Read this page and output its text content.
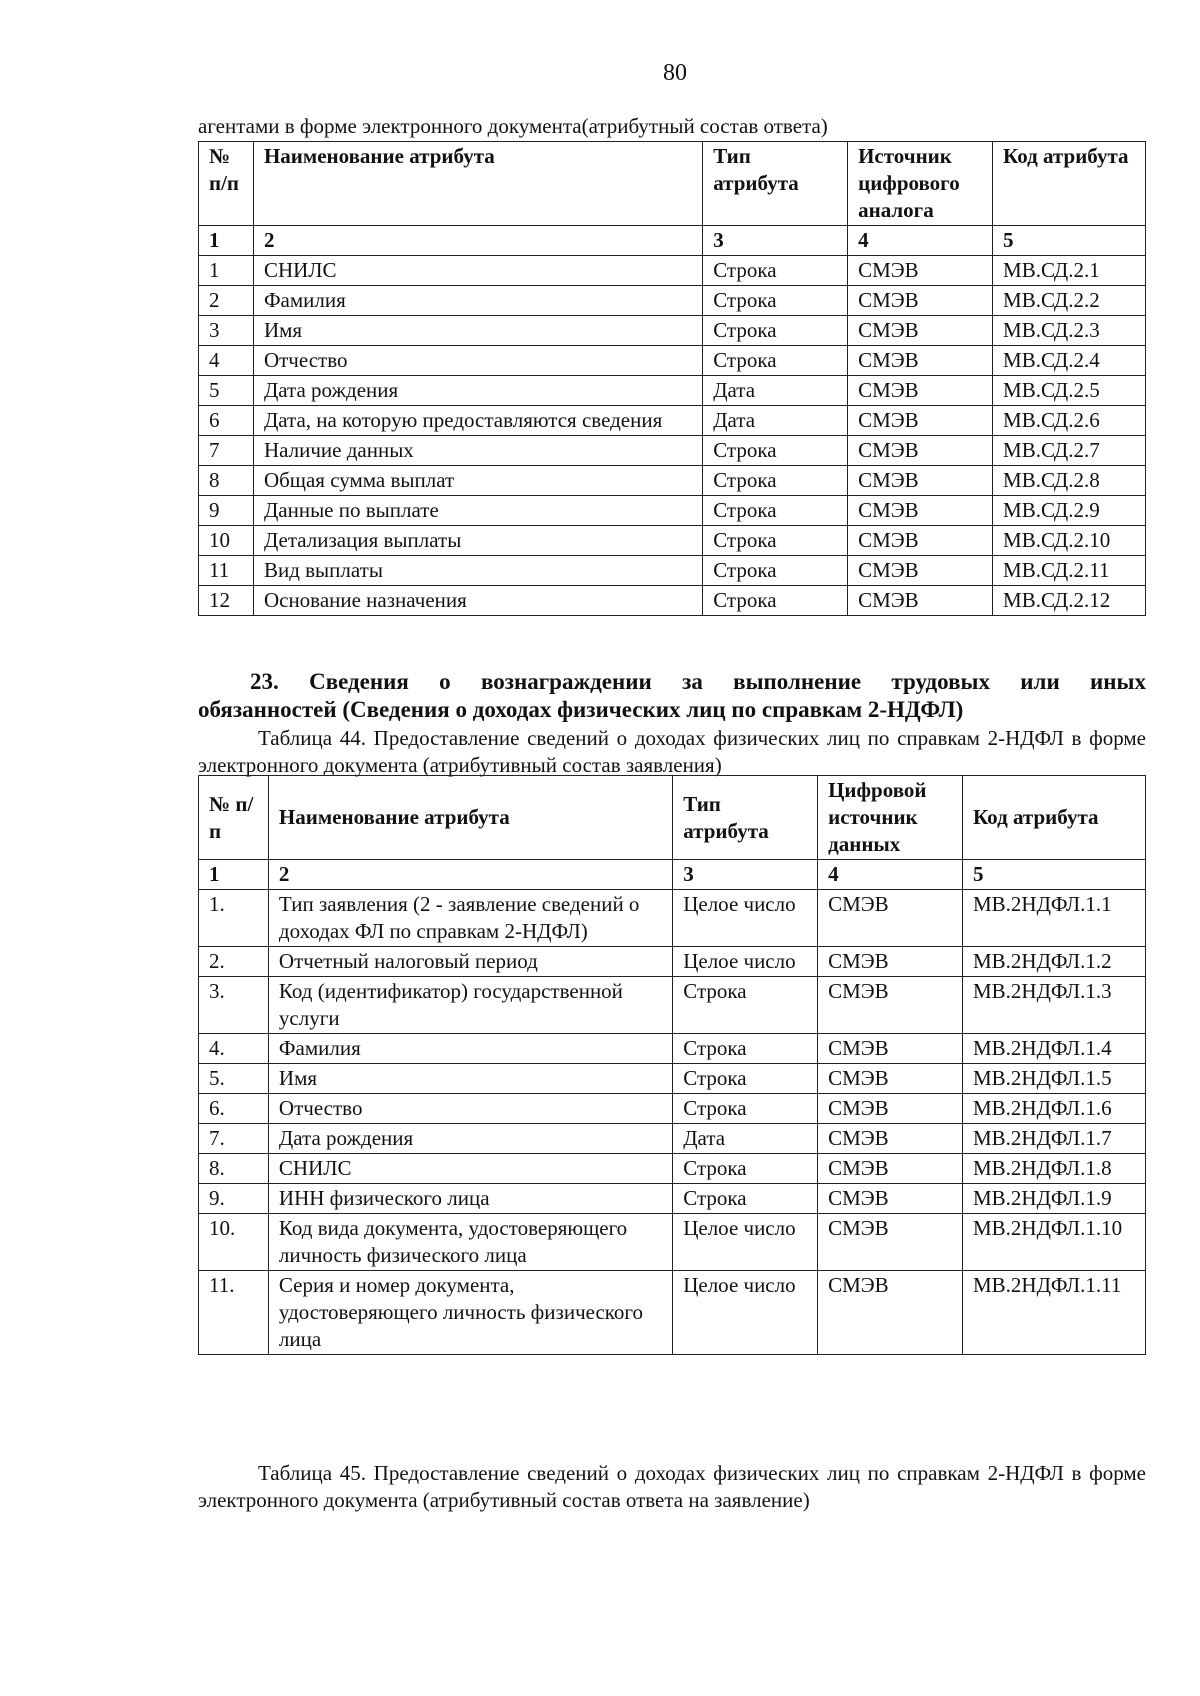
80
агентами в форме электронного документа(атрибутный состав ответа)
№ п/п	Наименование атрибута	Тип атрибута	Источник цифрового аналога	Код атрибута
1	2	3	4	5
1	СНИЛС	Строка	СМЭВ	МВ.СД.2.1
2	Фамилия	Строка	СМЭВ	МВ.СД.2.2
3	Имя	Строка	СМЭВ	МВ.СД.2.3
4	Отчество	Строка	СМЭВ	МВ.СД.2.4
5	Дата рождения	Дата	СМЭВ	МВ.СД.2.5
6	Дата, на которую предоставляются сведения	Дата	СМЭВ	МВ.СД.2.6
7	Наличие данных	Строка	СМЭВ	МВ.СД.2.7
8	Общая сумма выплат	Строка	СМЭВ	МВ.СД.2.8
9	Данные по выплате	Строка	СМЭВ	МВ.СД.2.9
10	Детализация выплаты	Строка	СМЭВ	МВ.СД.2.10
11	Вид выплаты	Строка	СМЭВ	МВ.СД.2.11
12	Основание назначения	Строка	СМЭВ	МВ.СД.2.12
23. Сведения о вознаграждении за выполнение трудовых или иных
обязанностей (Сведения о доходах физических лиц по справкам 2-НДФЛ)
Таблица 44. Предоставление сведений о доходах физических лиц по справкам 2-НДФЛ в форме электронного документа (атрибутивный состав заявления)
№ п/п	Наименование атрибута	Тип атрибута	Цифровой источник данных	Код атрибута
1	2	3	4	5
1.	Тип заявления (2 - заявление сведений о доходах ФЛ по справкам 2-НДФЛ)	Целое число	СМЭВ	МВ.2НДФЛ.1.1
2.	Отчетный налоговый период	Целое число	СМЭВ	МВ.2НДФЛ.1.2
3.	Код (идентификатор) государственной услуги	Строка	СМЭВ	МВ.2НДФЛ.1.3
4.	Фамилия	Строка	СМЭВ	МВ.2НДФЛ.1.4
5.	Имя	Строка	СМЭВ	МВ.2НДФЛ.1.5
6.	Отчество	Строка	СМЭВ	МВ.2НДФЛ.1.6
7.	Дата рождения	Дата	СМЭВ	МВ.2НДФЛ.1.7
8.	СНИЛС	Строка	СМЭВ	МВ.2НДФЛ.1.8
9.	ИНН физического лица	Строка	СМЭВ	МВ.2НДФЛ.1.9
10.	Код вида документа, удостоверяющего личность физического лица	Целое число	СМЭВ	МВ.2НДФЛ.1.10
11.	Серия и номер документа, удостоверяющего личность физического лица	Целое число	СМЭВ	МВ.2НДФЛ.1.11
Таблица 45. Предоставление сведений о доходах физических лиц по справкам 2-НДФЛ в форме электронного документа (атрибутивный состав ответа на заявление)
